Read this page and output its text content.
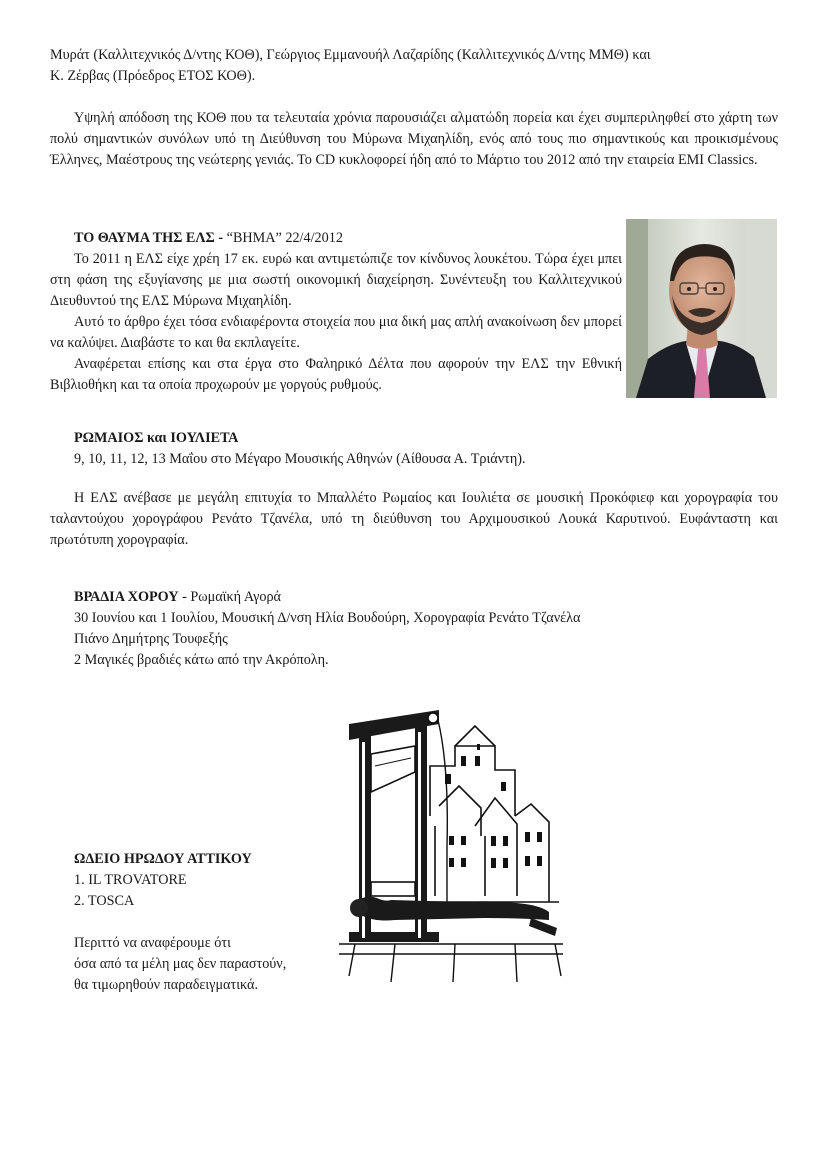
Μυράτ (Καλλιτεχνικός Δ/ντης ΚΟΘ), Γεώργιος Εμμανουήλ Λαζαρίδης (Καλλιτεχνικός Δ/ντης ΜΜΘ) και

Κ. Ζέρβας (Πρόεδρος ΕΤΟΣ ΚΟΘ).

Υψηλή απόδοση της ΚΟΘ που τα τελευταία χρόνια παρουσιάζει αλματώδη πορεία και έχει συμπεριληφθεί στο χάρτη των πολύ σημαντικών συνόλων υπό τη Διεύθυνση του Μύρωνα Μιχαηλίδη, ενός από τους πιο σημαντικούς και προικισμένους Έλληνες, Μαέστρους της νεώτερης γενιάς. Το CD κυκλοφορεί ήδη από το Μάρτιο του 2012 από την εταιρεία EMI Classics.

ΤΟ ΘΑΥΜΑ ΤΗΣ ΕΛΣ - “ΒΗΜΑ” 22/4/2012

Το 2011 η ΕΛΣ είχε χρέη 17 εκ. ευρώ και αντιμετώπιζε τον κίνδυνος λουκέτου. Τώρα έχει μπει στη φάση της εξυγίανσης με μια σωστή οικονομική διαχείρηση. Συνέντευξη του Καλλιτεχνικού Διευθυντού της ΕΛΣ Μύρωνα Μιχαηλίδη.

Αυτό το άρθρο έχει τόσα ενδιαφέροντα στοιχεία που μια δική μας απλή ανακοίνωση δεν μπορεί να καλύψει. Διαβάστε το και θα εκπλαγείτε.

Αναφέρεται επίσης και στα έργα στο Φαληρικό Δέλτα που αφορούν την ΕΛΣ την Εθνική Βιβλιοθήκη και τα οποία προχωρούν με γοργούς ρυθμούς.

ΡΩΜΑΙΟΣ και ΙΟΥΛΙΕΤΑ

9, 10, 11, 12, 13 Μαΐου στο Μέγαρο Μουσικής Αθηνών (Αίθουσα Α. Τριάντη).

Η ΕΛΣ ανέβασε με μεγάλη επιτυχία το Μπαλλέτο Ρωμαίος και Ιουλιέτα σε μουσική Προκόφιεφ και χορογραφία του ταλαντούχου χορογράφου Ρενάτο Τζανέλα, υπό τη διεύθυνση του Αρχιμουσικού Λουκά Καρυτινού. Ευφάνταστη και πρωτότυπη χορογραφία.

ΒΡΑΔΙΑ ΧΟΡΟΥ - Ρωμαϊκή Αγορά

30 Ιουνίου και 1 Ιουλίου, Μουσική Δ/νση Ηλία Βουδούρη, Χορογραφία Ρενάτο Τζανέλα

Πιάνο Δημήτρης Τουφεξής

2 Μαγικές βραδιές κάτω από την Ακρόπολη.

ΩΔΕΙΟ ΗΡΩΔΟΥ ΑΤΤΙΚΟΥ

1. IL TROVATORE

2. TOSCA

Περιττό να αναφέρουμε ότι

όσα από τα μέλη μας δεν παραστούν,

θα τιμωρηθούν παραδειγματικά.
